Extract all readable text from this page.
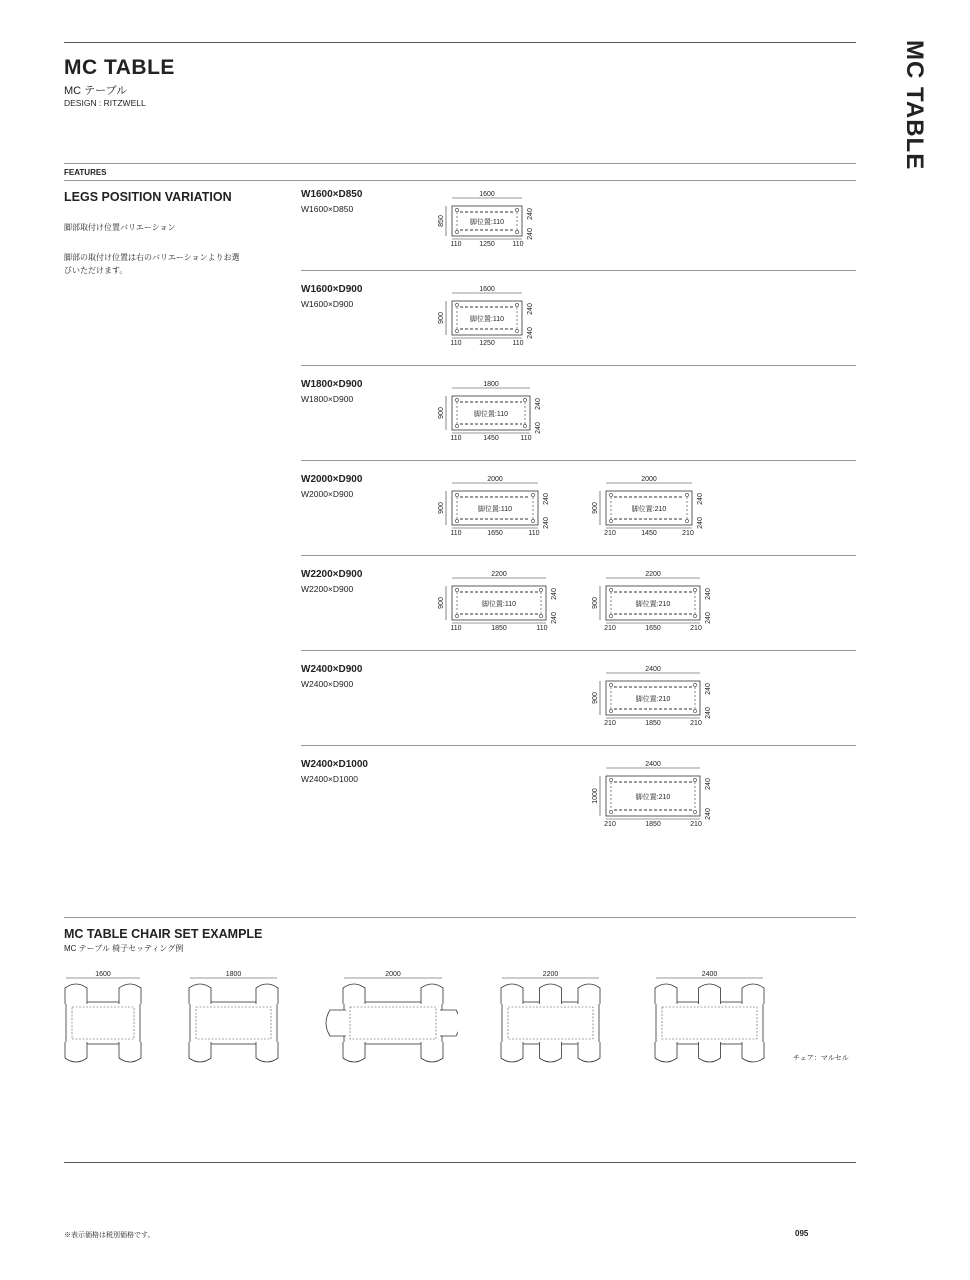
MC TABLE
MC テーブル
DESIGN : RITZWELL	MC TABLE
FEATURES
LEGS POSITION VARIATION
脚部取付け位置バリエーション
脚部の取付け位置は右のバリエーションよりお選びいただけます。
W1600×D850
W1600×D850
1600
850	脚位置:110
240
240
110	1250	110
W1600×D900
W1600×D900
1600
900	脚位置:110
240
240
110	1250	110
W1800×D900
W1800×D900
1800
900	脚位置:110
240
240
110	1450	110
W2000×D900
W2000×D900
2000
900	脚位置:110
240
240
110	1650	110
2000
900	脚位置:210
240
240
210	1450	210
W2200×D900
W2200×D900
2200
900	脚位置:110
240
240
110	1850	110
2200
900	脚位置:210
240
240
210	1650	210
W2400×D900
W2400×D900
2400
900	脚位置:210
240
240
210	1850	210
W2400×D1000
W2400×D1000
2400
1000	脚位置:210
240
240
210	1850	210
MC TABLE CHAIR SET EXAMPLE
MC テーブル 椅子セッティング例
1600	1800	2000	2200	2400
チェア：マルセル
※表示価格は税別価格です。	095
